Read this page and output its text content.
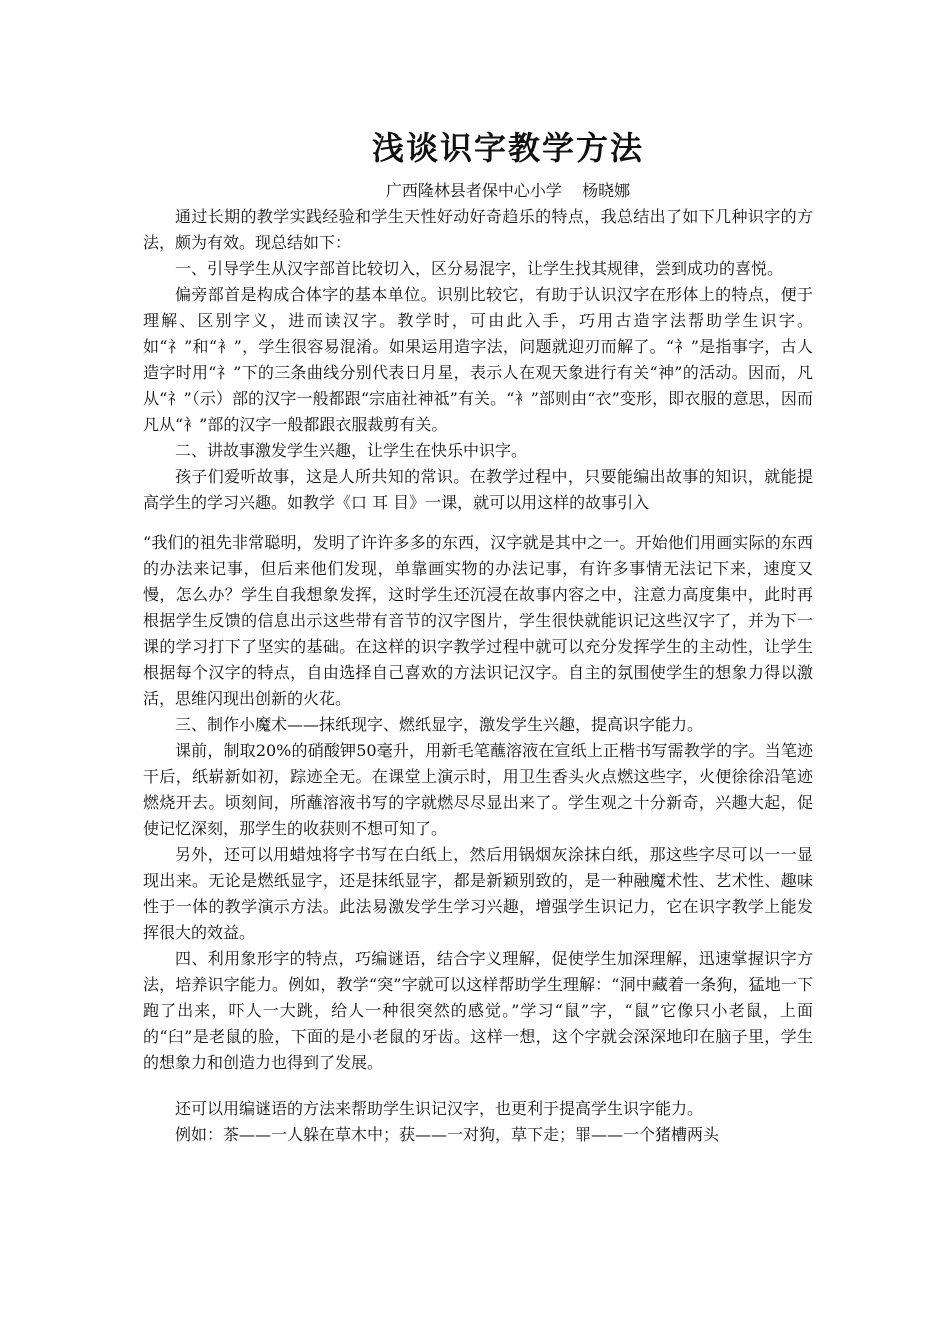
浅谈识字教学方法

广西隆林县者保中心小学    杨晓娜

通过长期的教学实践经验和学生天性好动好奇趋乐的特点，我总结出了如下几种识字的方法，颇为有效。现总结如下：

一、引导学生从汉字部首比较切入，区分易混字，让学生找其规律，尝到成功的喜悦。

偏旁部首是构成合体字的基本单位。识别比较它，有助于认识汉字在形体上的特点，便于理解、区别字义，进而读汉字。教学时，可由此入手，巧用古造字法帮助学生识字。如“礻”和“衤”，学生很容易混淆。如果运用造字法，问题就迎刃而解了。“礻”是指事字，古人造字时用“礻”下的三条曲线分别代表日月星，表示人在观天象进行有关“神”的活动。因而，凡从“礻”（示）部的汉字一般都跟“宗庙社神祗”有关。“衤”部则由“衣”变形，即衣服的意思，因而凡从“衤”部的汉字一般都跟衣服裁剪有关。

二、讲故事激发学生兴趣，让学生在快乐中识字。

孩子们爱听故事，这是人所共知的常识。在教学过程中，只要能编出故事的知识，就能提高学生的学习兴趣。如教学《口 耳 目》一课，就可以用这样的故事引入

“我们的祖先非常聪明，发明了许许多多的东西，汉字就是其中之一。开始他们用画实际的东西的办法来记事，但后来他们发现，单靠画实物的办法记事，有许多事情无法记下来，速度又慢，怎么办？学生自我想象发挥，这时学生还沉浸在故事内容之中，注意力高度集中，此时再根据学生反馈的信息出示这些带有音节的汉字图片，学生很快就能识记这些汉字了，并为下一课的学习打下了坚实的基础。在这样的识字教学过程中就可以充分发挥学生的主动性，让学生根据每个汉字的特点，自由选择自己喜欢的方法识记汉字。自主的氛围使学生的想象力得以激活，思维闪现出创新的火花。

三、制作小魔术——抹纸现字、燃纸显字，激发学生兴趣，提高识字能力。

课前，制取20%的硝酸钾50毫升，用新毛笔蘸溶液在宣纸上正楷书写需教学的字。当笔迹干后，纸崭新如初，踪迹全无。在课堂上演示时，用卫生香头火点燃这些字，火便徐徐沿笔迹燃烧开去。顷刻间，所蘸溶液书写的字就燃尽尽显出来了。学生观之十分新奇，兴趣大起，促使记忆深刻，那学生的收获则不想可知了。

另外，还可以用蜡烛将字书写在白纸上，然后用锅烟灰涂抹白纸，那这些字尽可以一一显现出来。无论是燃纸显字，还是抹纸显字，都是新颖别致的，是一种融魔术性、艺术性、趣味性于一体的教学演示方法。此法易激发学生学习兴趣，增强学生识记力，它在识字教学上能发挥很大的效益。

四、利用象形字的特点，巧编谜语，结合字义理解，促使学生加深理解，迅速掌握识字方法，培养识字能力。例如，教学“突”字就可以这样帮助学生理解：“洞中藏着一条狗，猛地一下跑了出来，吓人一大跳，给人一种很突然的感觉。”学习“鼠”字，“鼠”它像只小老鼠，上面的“臼”是老鼠的脸，下面的是小老鼠的牙齿。这样一想，这个字就会深深地印在脑子里，学生的想象力和创造力也得到了发展。

还可以用编谜语的方法来帮助学生识记汉字，也更利于提高学生识字能力。

例如：茶——一人躲在草木中；获——一对狗，草下走；罪——一个猪槽两头
